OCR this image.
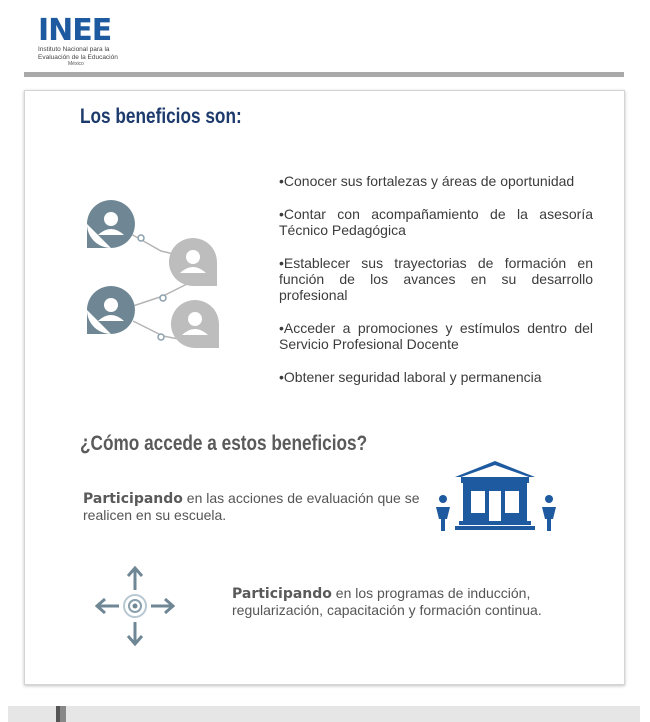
INEE
Instituto Nacional para la
Evaluación de la Educación
México
Los beneficios son:
•Conocer sus fortalezas y áreas de oportunidad
•Contar con acompañamiento de la asesoría Técnico Pedagógica
•Establecer sus trayectorias de formación en función de los avances en su desarrollo profesional
•Acceder a promociones y estímulos dentro del Servicio Profesional Docente
•Obtener seguridad laboral y permanencia
¿Cómo accede a estos beneficios?

Participando en las acciones de evaluación que se realicen en su escuela.

Participando en los programas de inducción, regularización, capacitación y formación continua.
